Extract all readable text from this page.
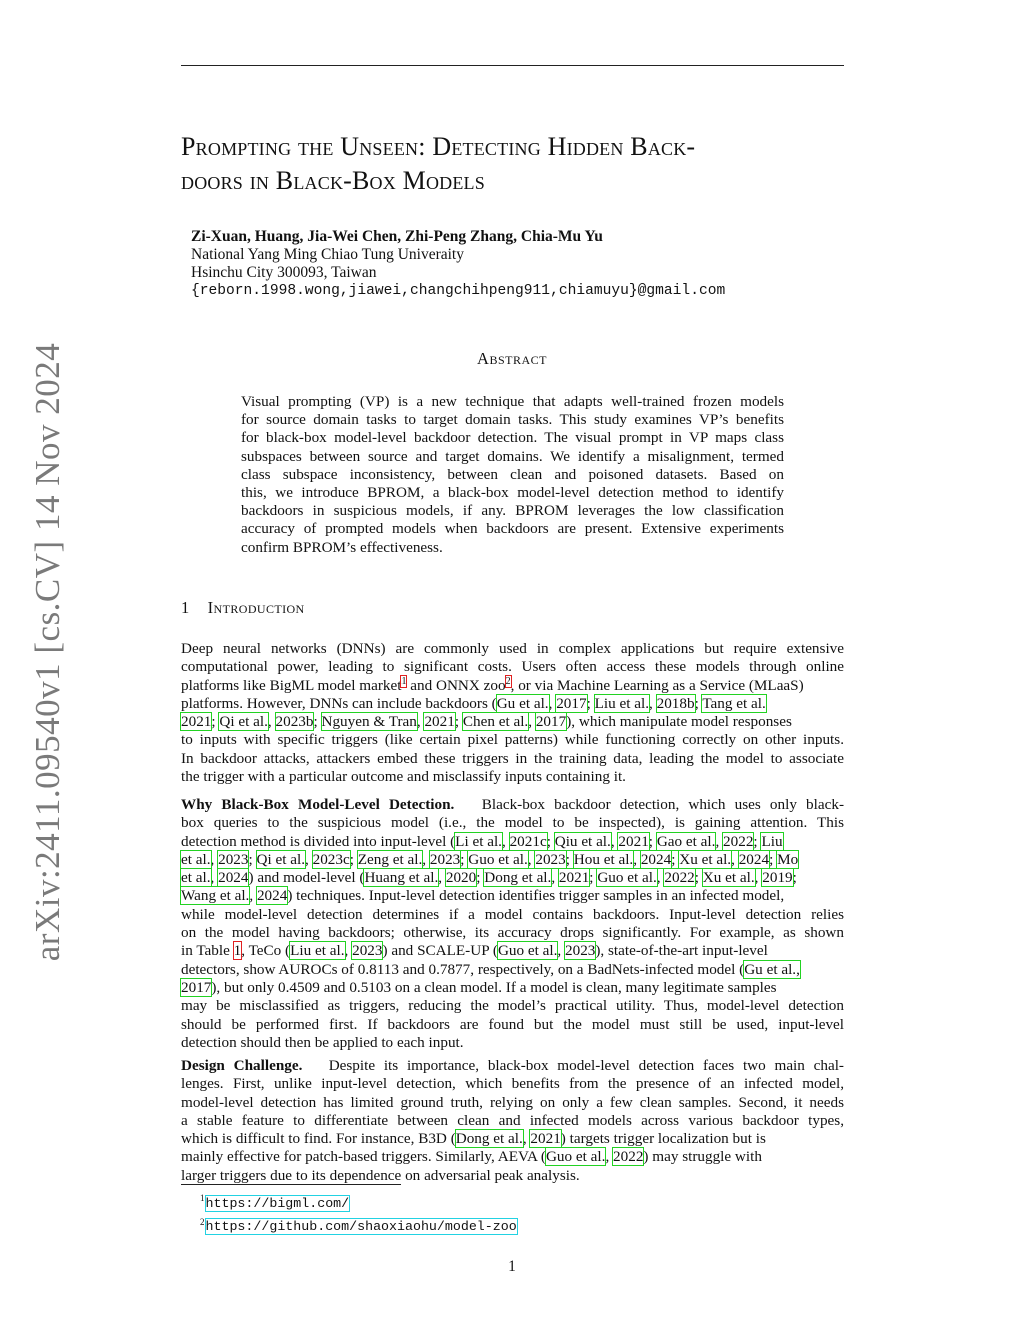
arXiv:2411.09540v1 [cs.CV] 14 Nov 2024
Prompting the Unseen: Detecting Hidden Back-
doors in Black-Box Models
Zi-Xuan, Huang, Jia-Wei Chen, Zhi-Peng Zhang, Chia-Mu Yu
National Yang Ming Chiao Tung Univeraity
Hsinchu City 300093, Taiwan
{reborn.1998.wong,jiawei,changchihpeng911,chiamuyu}@gmail.com
Abstract
Visual prompting (VP) is a new technique that adapts well-trained frozen models
for source domain tasks to target domain tasks. This study examines VP’s benefits
for black-box model-level backdoor detection. The visual prompt in VP maps class
subspaces between source and target domains. We identify a misalignment, termed
class subspace inconsistency, between clean and poisoned datasets. Based on
this, we introduce BPROM, a black-box model-level detection method to identify
backdoors in suspicious models, if any. BPROM leverages the low classification
accuracy of prompted models when backdoors are present. Extensive experiments
confirm BPROM’s effectiveness.
1 Introduction
Deep neural networks (DNNs) are commonly used in complex applications but require extensive
computational power, leading to significant costs. Users often access these models through online
platforms like BigML model market$^1$ and ONNX zoo$^2$, or via Machine Learning as a Service (MLaaS)
platforms. However, DNNs can include backdoors (Gu et al., 2017; Liu et al., 2018b; Tang et al.
2021; Qi et al., 2023b; Nguyen & Tran, 2021; Chen et al., 2017), which manipulate model responses
to inputs with specific triggers (like certain pixel patterns) while functioning correctly on other inputs.
In backdoor attacks, attackers embed these triggers in the training data, leading the model to associate
the trigger with a particular outcome and misclassify inputs containing it.
Why Black-Box Model-Level Detection. Black-box backdoor detection, which uses only black-
box queries to the suspicious model (i.e., the model to be inspected), is gaining attention. This
detection method is divided into input-level (Li et al., 2021c; Qiu et al., 2021; Gao et al., 2022; Liu
et al., 2023; Qi et al., 2023c; Zeng et al., 2023; Guo et al., 2023; Hou et al., 2024; Xu et al., 2024; Mo
et al., 2024) and model-level (Huang et al., 2020; Dong et al., 2021; Guo et al., 2022; Xu et al., 2019;
Wang et al., 2024) techniques. Input-level detection identifies trigger samples in an infected model,
while model-level detection determines if a model contains backdoors. Input-level detection relies
on the model having backdoors; otherwise, its accuracy drops significantly. For example, as shown
in Table 1, TeCo (Liu et al., 2023) and SCALE-UP (Guo et al., 2023), state-of-the-art input-level
detectors, show AUROCs of 0.8113 and 0.7877, respectively, on a BadNets-infected model (Gu et al.,
2017), but only 0.4509 and 0.5103 on a clean model. If a model is clean, many legitimate samples
may be misclassified as triggers, reducing the model’s practical utility. Thus, model-level detection
should be performed first. If backdoors are found but the model must still be used, input-level
detection should then be applied to each input.
Design Challenge. Despite its importance, black-box model-level detection faces two main chal-
lenges. First, unlike input-level detection, which benefits from the presence of an infected model,
model-level detection has limited ground truth, relying on only a few clean samples. Second, it needs
a stable feature to differentiate between clean and infected models across various backdoor types,
which is difficult to find. For instance, B3D (Dong et al., 2021) targets trigger localization but is
mainly effective for patch-based triggers. Similarly, AEVA (Guo et al., 2022) may struggle with
larger triggers due to its dependence on adversarial peak analysis.
$^1$https://bigml.com/
$^2$https://github.com/shaoxiaohu/model-zoo
1
